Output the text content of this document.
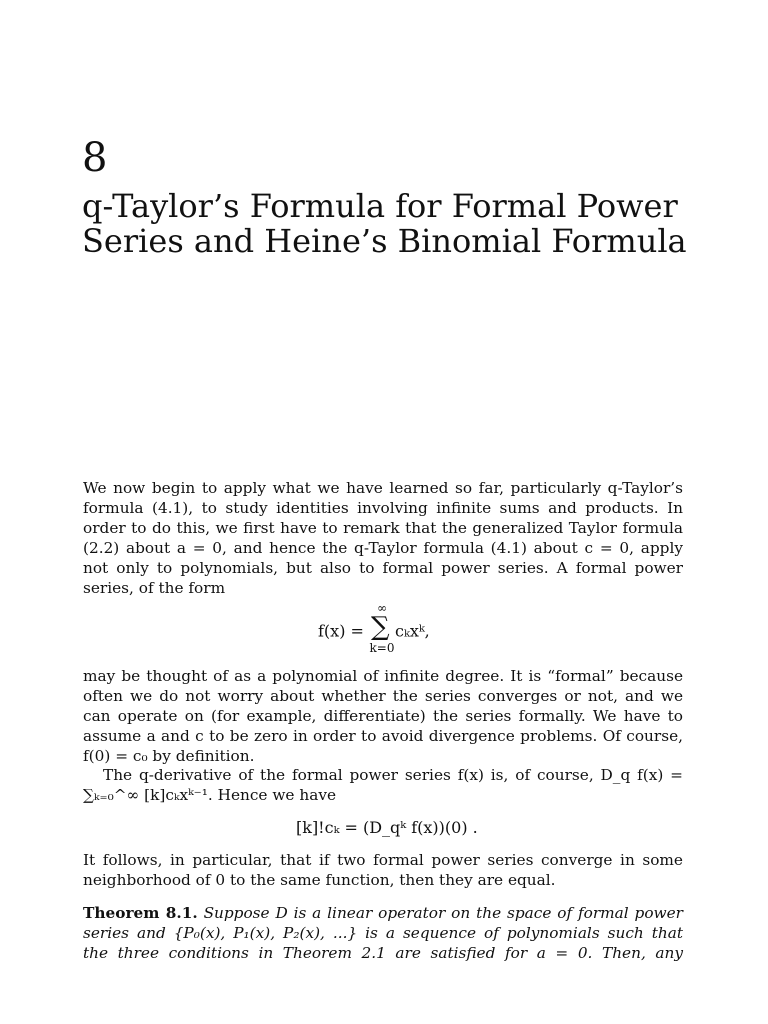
8
q-Taylor’s Formula for Formal Power
Series and Heine’s Binomial Formula
We now begin to apply what we have learned so far, particularly q-Taylor’s
formula (4.1), to study identities involving infinite sums and products. In
order to do this, we first have to remark that the generalized Taylor formula
(2.2) about a = 0, and hence the q-Taylor formula (4.1) about c = 0, apply
not only to polynomials, but also to formal power series. A formal power
series, of the form
f(x) =
∞
∑
k=0
cₖxᵏ,
may be thought of as a polynomial of infinite degree. It is “formal” because
often we do not worry about whether the series converges or not, and we
can operate on (for example, differentiate) the series formally. We have to
assume a and c to be zero in order to avoid divergence problems. Of course,
f(0) = c₀ by definition.
The q-derivative of the formal power series f(x) is, of course, D_q f(x) =
∑ₖ₌₀^∞ [k]cₖxᵏ⁻¹. Hence we have
[k]!cₖ = (D_qᵏ f(x))(0) .
It follows, in particular, that if two formal power series converge in some
neighborhood of 0 to the same function, then they are equal.
Theorem 8.1. Suppose D is a linear operator on the space of formal power
series and {P₀(x), P₁(x), P₂(x), ...} is a sequence of polynomials such that
the three conditions in Theorem 2.1 are satisfied for a = 0. Then, any
